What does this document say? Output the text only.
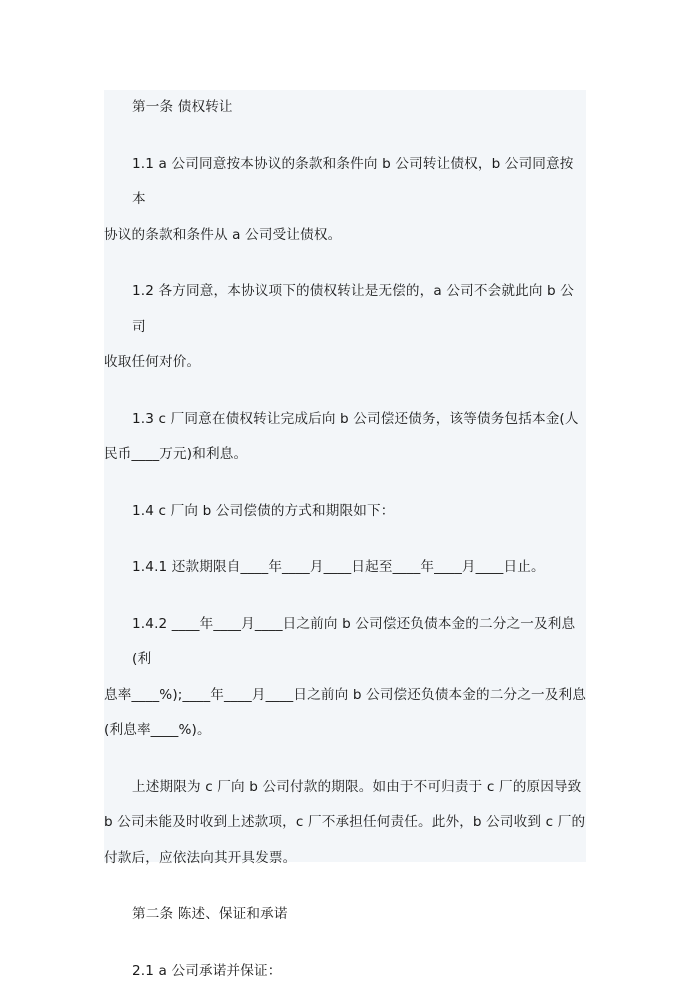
第一条 债权转让

1.1 a 公司同意按本协议的条款和条件向 b 公司转让债权，b 公司同意按本
协议的条款和条件从 a 公司受让债权。

1.2 各方同意，本协议项下的债权转让是无偿的，a 公司不会就此向 b 公司
收取任何对价。

1.3 c 厂同意在债权转让完成后向 b 公司偿还债务，该等债务包括本金(人
民币____万元)和利息。

1.4 c 厂向 b 公司偿债的方式和期限如下：

1.4.1 还款期限自____年____月____日起至____年____月____日止。

1.4.2 ____年____月____日之前向 b 公司偿还负债本金的二分之一及利息(利
息率____%);____年____月____日之前向 b 公司偿还负债本金的二分之一及利息
(利息率____%)。

上述期限为 c 厂向 b 公司付款的期限。如由于不可归责于 c 厂的原因导致
b 公司未能及时收到上述款项，c 厂不承担任何责任。此外，b 公司收到 c 厂的
付款后，应依法向其开具发票。

第二条 陈述、保证和承诺

2.1 a 公司承诺并保证：
